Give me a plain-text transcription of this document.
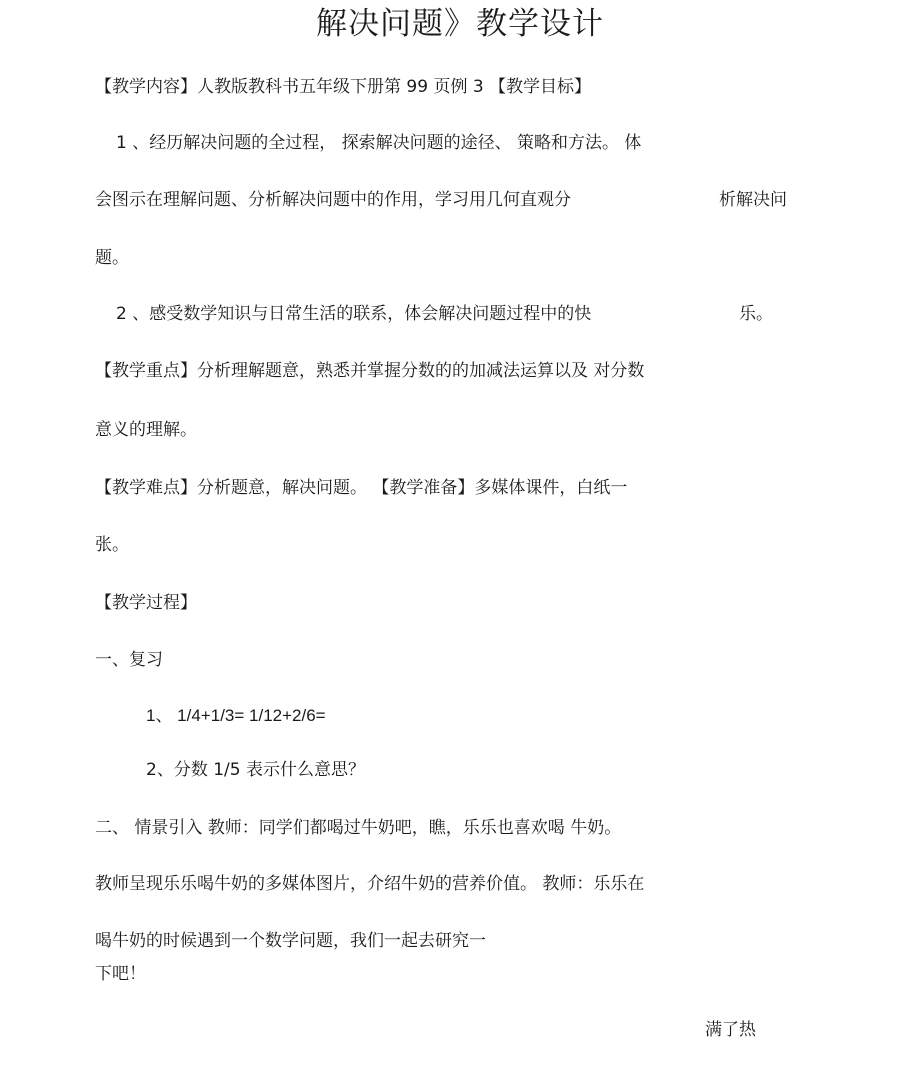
解决问题》教学设计
【教学内容】人教版教科书五年级下册第 99 页例 3 【教学目标】
1 、经历解决问题的全过程， 探索解决问题的途径、 策略和方法。 体
会图示在理解问题、分析解决问题中的作用，学习用几何直观分	析解决问
题。
2 、感受数学知识与日常生活的联系，体会解决问题过程中的快	乐。
【教学重点】分析理解题意，熟悉并掌握分数的的加减法运算以及 对分数
意义的理解。
【教学难点】分析题意，解决问题。 【教学准备】多媒体课件，白纸一
张。
【教学过程】
一、复习
1、 1/4+1/3= 1/12+2/6=
2、分数 1/5 表示什么意思？
二、 情景引入 教师：同学们都喝过牛奶吧，瞧，乐乐也喜欢喝 牛奶。
教师呈现乐乐喝牛奶的多媒体图片，介绍牛奶的营养价值。 教师：乐乐在
喝牛奶的时候遇到一个数学问题，我们一起去研究一
下吧！
满了热
